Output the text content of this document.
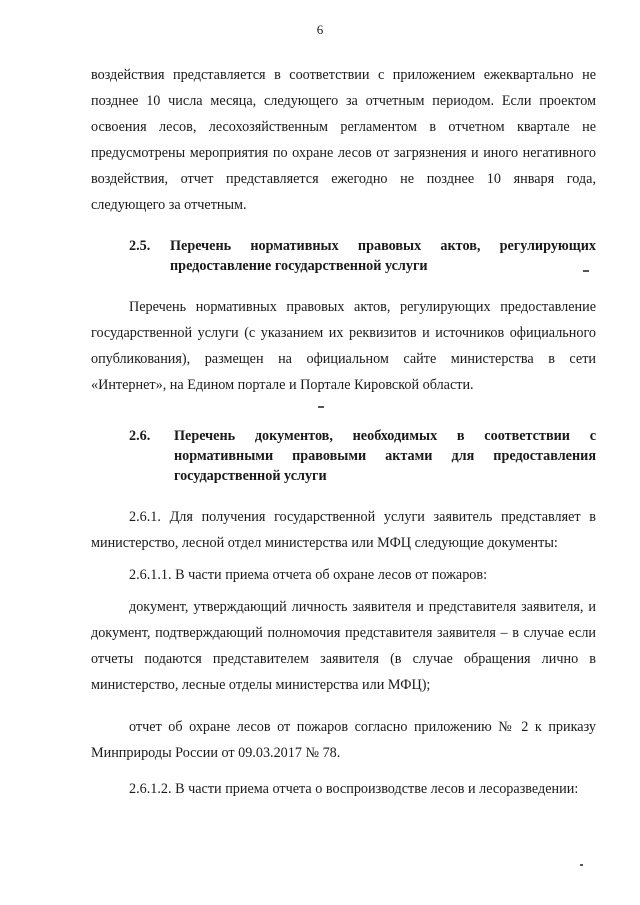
6

воздействия представляется в соответствии с приложением ежеквартально не позднее 10 числа месяца, следующего за отчетным периодом. Если проектом освоения лесов, лесохозяйственным регламентом в отчетном квартале не предусмотрены мероприятия по охране лесов от загрязнения и иного негативного воздействия, отчет представляется ежегодно не позднее 10 января года, следующего за отчетным.

2.5.	Перечень нормативных правовых актов, регулирующих предоставление государственной услуги

Перечень нормативных правовых актов, регулирующих предоставление государственной услуги (с указанием их реквизитов и источников официального опубликования), размещен на официальном сайте министерства в сети «Интернет», на Едином портале и Портале Кировской области.

2.6.	Перечень документов, необходимых в соответствии с нормативными правовыми актами для предоставления государственной услуги

2.6.1. Для получения государственной услуги заявитель представляет в министерство, лесной отдел министерства или МФЦ следующие документы:

2.6.1.1. В части приема отчета об охране лесов от пожаров:

документ, утверждающий личность заявителя и представителя заявителя, и документ, подтверждающий полномочия представителя заявителя – в случае если отчеты подаются представителем заявителя (в случае обращения лично в министерство, лесные отделы министерства или МФЦ);

отчет об охране лесов от пожаров согласно приложению № 2 к приказу Минприроды России от 09.03.2017 № 78.

2.6.1.2. В части приема отчета о воспроизводстве лесов и лесоразведении:
